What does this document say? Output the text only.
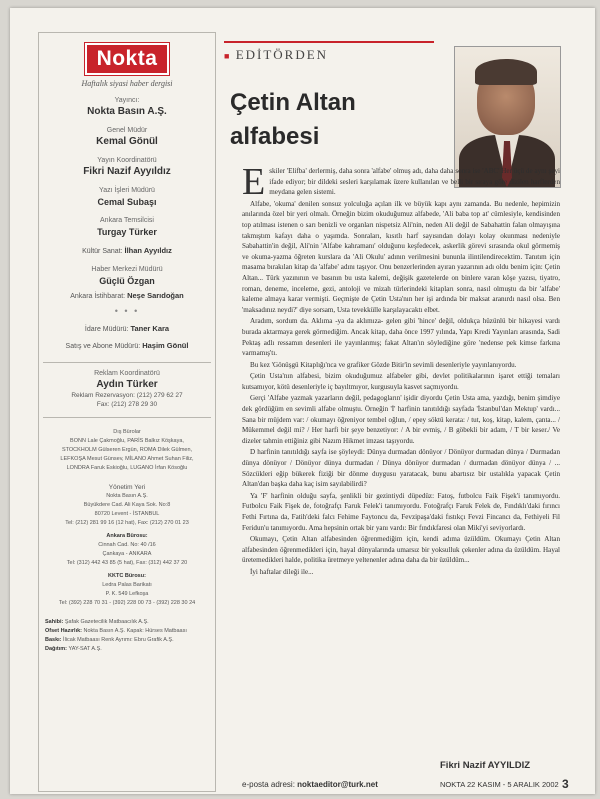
Nokta
Haftalık siyasi haber dergisi
Yayıncı:
Nokta Basın A.Ş.
Genel Müdür
Kemal Gönül
Yayın Koordinatörü
Fikri Nazif Ayyıldız
Yazı İşleri Müdürü
Cemal Subaşı
Ankara Temsilcisi
Turgay Türker
Kültür Sanat: İlhan Ayyıldız
Haber Merkezi Müdürü
Güçlü Özgan
Ankara İstihbarat: Neşe Sarıdoğan
• • •
İdare Müdürü: Taner Kara
Satış ve Abone Müdürü: Haşim Gönül
Reklam Koordinatörü
Aydın Türker
Reklam Rezervasyon: (212) 279 62 27
Fax: (212) 278 29 30
Dış Bürolar
BONN Lale Çakmoğlu, PARİS Balkız Köşkaya,
STOCKHOLM Gülseren Ergün, ROMA Dilek Gülmen,
LEFKOŞA Mesut Günsev, MİLANO Ahmet Suhan Filiz,
LONDRA Faruk Eskioğlu, LUGANO İrfan Kösoğlu
Yönetim Yeri
Nokta Basın A.Ş.
Büyükdere Cad. Ali Kaya Sok. No:8
80720 Levent - İSTANBUL
Tel: (212) 281 99 16 (12 hat), Fax: (212) 270 01 23
Ankara Bürosu:
Cinnah Cad. No: 40 /16
Çankaya - ANKARA
Tel: (312) 442 43 85 (5 hat), Fax: (312) 442 37 20
KKTC Bürosu:
Ledra Palas Barikatı
P. K. 549 Lefkoşa
Tel: (392) 228 70 31 - (392) 228 00 73 - (392) 228 30 24
Sahibi: Şafak Gazetecilik Matbaacılık A.Ş.
Ofset Hazırlık: Nokta Basın A.Ş. Kapak: Hürses Matbaası
Baskı: İlicak Matbaası Renk Ayrımı: Ebru Grafik A.Ş.
Dağıtım: YAY-SAT A.Ş.
■ EDİTÖRDEN
Çetin Altan
alfabesi

Eskiler 'Elifba' derlermiş, daha sonra 'alfabe' olmuş adı, daha daha sonra ise 'ABC' Her üçü de aynı şeyi ifade ediyor; bir dildeki sesleri karşılamak üzere kullanılan ve belli bir sıraya göre dizilen harflerden meydana gelen sistemi.

Alfabe, 'okuma' denilen sonsuz yolculuğa açılan ilk ve büyük kapı aynı zamanda. Bu nedenle, hepimizin anılarında özel bir yeri olmalı. Örneğin bizim okuduğumuz alfabede, 'Ali baba top at' cümlesiyle, kendisinden top atılması istenen o sarı benizli ve organları nispetsiz Ali'nin, neden Ali değil de Sabahattin falan olmayışına takmıştım kafayı daha o yaşımda. Sonraları, kısıtlı harf sayısından dolayı kolay okunması nedeniyle Sabahattin'in değil, Ali'nin 'Alfabe kahramanı' olduğunu keşfedecek, askerlik görevi sırasında okul görmemiş ve okuma-yazma öğreten kurslara da 'Ali Okulu' adının verilmesini bununla ilintilendirecektim. Tanıtım için masama bırakılan kitap da 'alfabe' adını taşıyor. Onu benzerlerinden ayıran yazarının adı oldu benim için: Çetin Altan... Türk yazınının ve basının bu usta kalemi, değişik gazetelerde on binlere varan köşe yazısı, tiyatro, roman, deneme, inceleme, gezi, antoloji ve mizah türlerindeki kitapları sonra, nasıl olmuştu da bir 'alfabe' kaleme almaya karar vermişti. Geçmişte de Çetin Usta'nın her işi ardında bir maksat aranırdı nasıl olsa. Ben 'maksadınız neydi?' diye sorsam, Usta tevekkülle karşılayacaktı elbet.

Aradım, sordum da. Aklıma -ya da aklımıza- gelen gibi 'hince' değil, oldukça hüzünlü bir hikayesi vardı burada aktarmaya gerek görmediğim. Ancak kitap, daha önce 1997 yılında, Yapı Kredi Yayınları arasında, Sadi Pektaş adlı ressamın desenleri ile yayınlanmış; fakat Altan'ın söylediğine göre 'nedense pek kimse farkına varmamış'tı.

Bu kez 'Gönüşgü Kitaplığı'nca ve grafiker Gözde Bitir'in sevimli desenleriyle yayınlanıyordu.

Çetin Usta'nın alfabesi, bizim okuduğumuz alfabeler gibi, devlet politikalarının işaret ettiği temaları kutsamıyor, kötü desenleriyle iç bayıltmıyor, kurgusuyla kasvet saçmıyordu.

Gerçi 'Alfabe yazmak yazarların değil, pedagogların' işidir diyordu Çetin Usta ama, yazdığı, benim şimdiye dek gördüğüm en sevimli alfabe olmuştu. Örneğin 'İ' harfinin tanıtıldığı sayfada 'İstanbul'dan Mektup' vardı... Sana bir müjdem var: / okumayı öğreniyor tembel oğlun, / epey söktü kerata: / tut, koş, kitap, kalem, çanta... / Mükemmel değil mi? / Her harfi bir şeye benzetiyor: / A bir evmiş, / B göbekli bir adam, / T bir keser./ Ve dizeler tahmin ettiğiniz gibi Nazım Hikmet imzası taşıyordu.

D harfinin tanıtıldığı sayfa ise şöyleydi: Dünya durmadan dönüyor / Dönüyor durmadan dünya / Durmadan dünya dönüyor / Dönüyor dünya durmadan / Dünya dönüyor durmadan / durmadan dönüyor dünya / ... Sözcükleri eğip bükerek fiziği bir dönme duygusu yaratacak, bunu abartısız bir ustalıkla yapacak Çetin Altan'dan başka daha kaç isim sayılabilirdi?

Ya 'F' harfinin olduğu sayfa, şenlikli bir gezintiydi düpedüz: Fatoş, futbolcu Faik Fişek'i tanımıyordu. Futbolcu Faik Fişek de, fotoğrafçı Faruk Felek'i tanımıyordu. Fotoğrafçı Faruk Felek de, Fındıklı'daki fırıncı Fethi Fırtına da, Fatih'deki falcı Fehime Faytoncu da, Fevzipaşa'daki fıstıkçı Fevzi Fincancı da, Fethiyeli Fil Feridun'u tanımıyordu. Ama hepsinin ortak bir yanı vardı: Bir fındıkfaresi olan Miki'yi seviyorlardı.

Okumayı, Çetin Altan alfabesinden öğrenmediğim için, kendi adıma üzüldüm. Okumayı Çetin Altan alfabesinden öğrenmedikleri için, hayal dünyalarında umarsız bir yoksulluk çekenler adına da üzüldüm. Hayal üretemedikleri halde, politika üretmeye yeltenenler adına daha da bir üzüldüm...

İyi haftalar dileği ile...

Fikri Nazif AYYILDIZ
e-posta adresi: noktaeditor@turk.net	NOKTA 22 KASIM - 5 ARALIK 2002 3
